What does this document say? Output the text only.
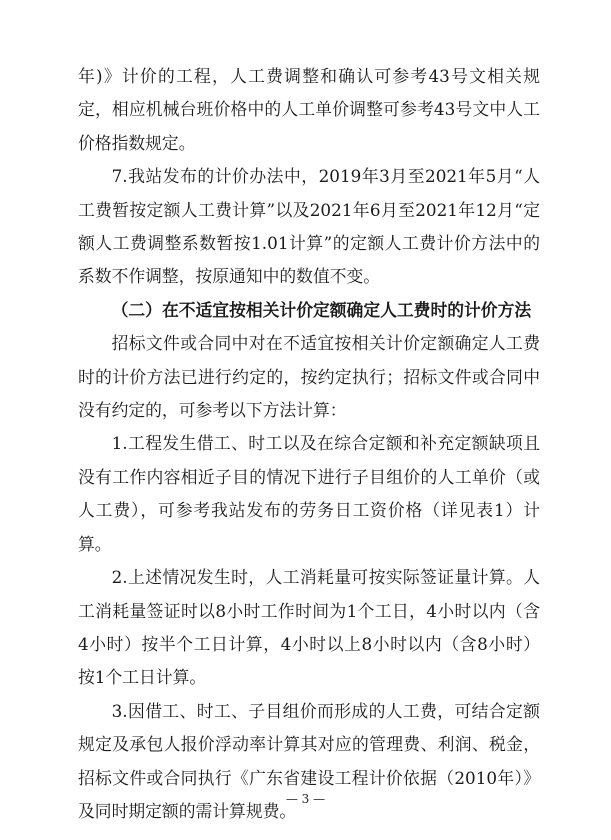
年)》计价的工程，人工费调整和确认可参考43号文相关规定，相应机械台班价格中的人工单价调整可参考43号文中人工价格指数规定。

7.我站发布的计价办法中，2019年3月至2021年5月“人工费暂按定额人工费计算”以及2021年6月至2021年12月“定额人工费调整系数暂按1.01计算”的定额人工费计价方法中的系数不作调整，按原通知中的数值不变。

（二）在不适宜按相关计价定额确定人工费时的计价方法

招标文件或合同中对在不适宜按相关计价定额确定人工费时的计价方法已进行约定的，按约定执行；招标文件或合同中没有约定的，可参考以下方法计算：

1.工程发生借工、时工以及在综合定额和补充定额缺项且没有工作内容相近子目的情况下进行子目组价的人工单价（或人工费），可参考我站发布的劳务日工资价格（详见表1）计算。

2.上述情况发生时，人工消耗量可按实际签证量计算。人工消耗量签证时以8小时工作时间为1个工日，4小时以内（含4小时）按半个工日计算，4小时以上8小时以内（含8小时）按1个工日计算。

3.因借工、时工、子目组价而形成的人工费，可结合定额规定及承包人报价浮动率计算其对应的管理费、利润、税金，招标文件或合同执行《广东省建设工程计价依据（2010年）》及同时期定额的需计算规费。

— 3 —
